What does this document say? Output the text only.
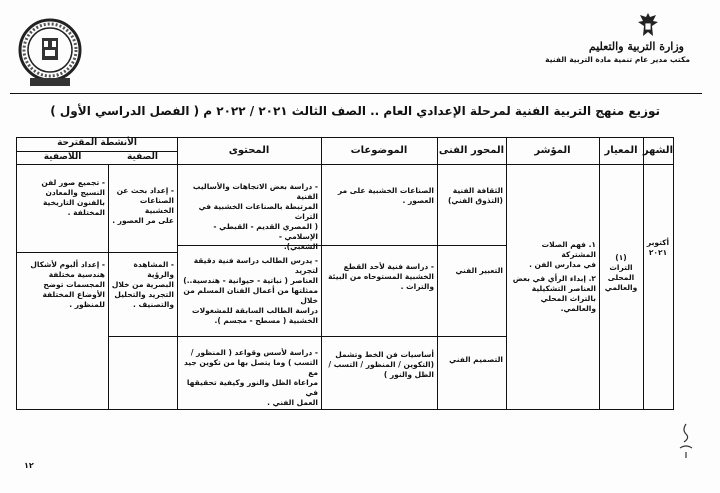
وزارة التربية والتعليم
مكتب مدير عام تنمية مادة التربية الفنية
توزيع منهج التربية الفنية لمرحلة الإعدادي العام .. الصف الثالث ٢٠٢١ / ٢٠٢٢ م ( الفصل الدراسي الأول )
الشهر
المعيار
المؤشر
المحور الفنى
الموضوعات
المحتوى
الأنشطة المقترحة
الصفية
اللاصفية
أكتوبر
٢٠٢١
(١)
التراث
المحلى
والعالمي
١. فهم الصلات المشتركة
في مدارس الفن .
٢. إبداء الرأي في بعض
العناصر التشكيلية
بالتراث المحلي والعالمي.
الثقافة الفنية
(التذوق الفني)
التعبير الفني
التصميم الفني
الصناعات الخشبية على مر
العصور .
- دراسة فنية لأحد القطع
الخشبية المستوحاه من البيئة
والتراث .
أساسيات فن الخط وتشمل
(التكوين / المنظور / التسب /
الظل والنور )
- دراسة بعض الاتجاهات والأساليب الفنية
المرتبطة بالصناعات الخشبية في التراث
( المصري القديم - القبطي - الإسلامي -
الشعبي).
- يدرس الطالب دراسة فنية دقيقة لتجريد
العناصر ( نباتية - حيوانية - هندسية..)
ممثلتها من أعمال الفنان المسلم من خلال
دراسة الطالب السابقة للمشغولات
الخشبية ( مسطح - مجسم ).
- دراسة لأسس وقواعد ( المنظور /
التسب ) وما يتصل بها من تكوين جيد مع
مراعاة الظل والنور وكيفية تحقيقها في
العمل الفني .
- إعداد بحث عن
الصناعات الخشبية
على مر العصور .
- المشاهدة والرؤية
البصرية من خلال
التجريد والتحليل
والتصنيف .
- تجميع صور لفن
النسيج والمعادن
بالفنون التاريخية
المختلفة .
- إعداد ألبوم لأشكال
هندسية مختلفة
المجسمات توضح
الأوضاع المختلفة
للمنظور .
١٢
